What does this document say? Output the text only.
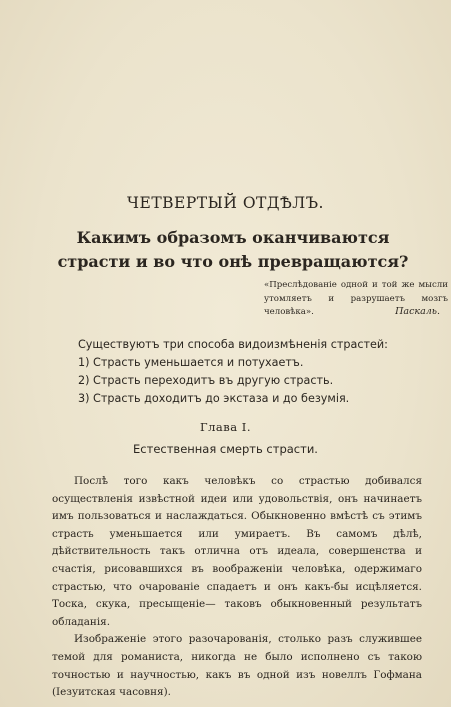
ЧЕТВЕРТЫЙ ОТДѢЛЪ.
Какимъ образомъ оканчиваются страсти и во что онѣ превращаются?
«Преслѣдованіе одной и той же мысли утомляетъ и разрушаетъ мозгъ человѣка».	Паскаль.
Существуютъ три способа видоизмѣненія страстей:
1) Страсть уменьшается и потухаетъ.
2) Страсть переходитъ въ другую страсть.
3) Страсть доходитъ до экстаза и до безумія.
Глава I.
Естественная смерть страсти.

Послѣ того какъ человѣкъ со страстью добивался осуществленія извѣстной идеи или удовольствія, онъ начинаетъ имъ пользоваться и наслаждаться. Обыкновенно вмѣстѣ съ этимъ страсть уменьшается или умираетъ. Въ самомъ дѣлѣ, дѣйствительность такъ отлична отъ идеала, совершенства и счастія, рисовавшихся въ воображеніи человѣка, одержимаго страстью, что очарованіе спадаетъ и онъ какъ-бы исцѣляется. Тоска, скука, пресыщеніе— таковъ обыкновенный результатъ обладанія.

Изображеніе этого разочарованія, столько разъ служившее темой для романиста, никогда не было исполнено съ такою точностью и научностью, какъ въ одной изъ новеллъ Гофмана (Іезуитская часовня).
